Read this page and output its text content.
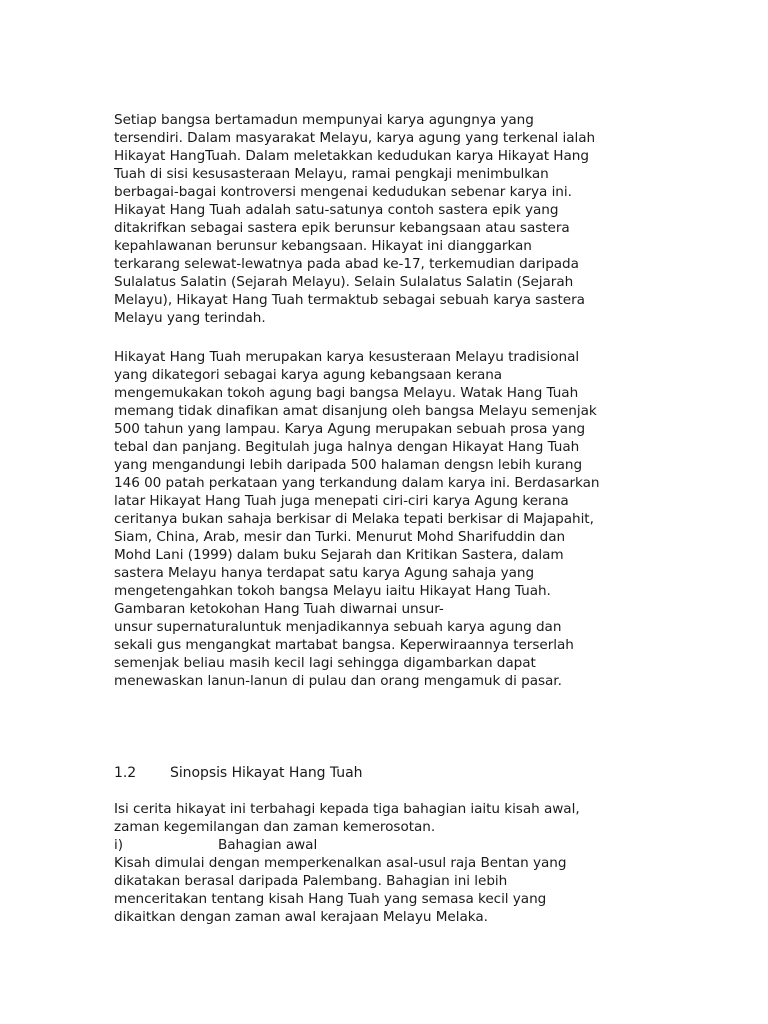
Setiap bangsa bertamadun mempunyai karya agungnya yang
tersendiri. Dalam masyarakat Melayu, karya agung yang terkenal ialah
Hikayat HangTuah. Dalam meletakkan kedudukan karya Hikayat Hang
Tuah di sisi kesusasteraan Melayu, ramai pengkaji menimbulkan
berbagai-bagai kontroversi mengenai kedudukan sebenar karya ini.
Hikayat Hang Tuah adalah satu-satunya contoh sastera epik yang
ditakrifkan sebagai sastera epik berunsur kebangsaan atau sastera
kepahlawanan berunsur kebangsaan. Hikayat ini dianggarkan
terkarang selewat-lewatnya pada abad ke-17, terkemudian daripada
Sulalatus Salatin (Sejarah Melayu). Selain Sulalatus Salatin (Sejarah
Melayu), Hikayat Hang Tuah termaktub sebagai sebuah karya sastera
Melayu yang terindah.
Hikayat Hang Tuah merupakan karya kesusteraan Melayu tradisional
yang dikategori sebagai karya agung kebangsaan kerana
mengemukakan tokoh agung bagi bangsa Melayu. Watak Hang Tuah
memang tidak dinafikan amat disanjung oleh bangsa Melayu semenjak
500 tahun yang lampau. Karya Agung merupakan sebuah prosa yang
tebal dan panjang. Begitulah juga halnya dengan Hikayat Hang Tuah
yang mengandungi lebih daripada 500 halaman dengsn lebih kurang
146 00 patah perkataan yang terkandung dalam karya ini. Berdasarkan
latar Hikayat Hang Tuah juga menepati ciri-ciri karya Agung kerana
ceritanya bukan sahaja berkisar di Melaka tepati berkisar di Majapahit,
Siam, China, Arab, mesir dan Turki. Menurut Mohd Sharifuddin dan
Mohd Lani (1999) dalam buku Sejarah dan Kritikan Sastera, dalam
sastera Melayu hanya terdapat satu karya Agung sahaja yang
mengetengahkan tokoh bangsa Melayu iaitu Hikayat Hang Tuah.
Gambaran ketokohan Hang Tuah diwarnai unsur-
unsur supernaturaluntuk menjadikannya sebuah karya agung dan
sekali gus mengangkat martabat bangsa. Keperwiraannya terserlah
semenjak beliau masih kecil lagi sehingga digambarkan dapat
menewaskan lanun-lanun di pulau dan orang mengamuk di pasar.
1.2 Sinopsis Hikayat Hang Tuah
Isi cerita hikayat ini terbahagi kepada tiga bahagian iaitu kisah awal,
zaman kegemilangan dan zaman kemerosotan.
i)	Bahagian awal
Kisah dimulai dengan memperkenalkan asal-usul raja Bentan yang
dikatakan berasal daripada Palembang. Bahagian ini lebih
menceritakan tentang kisah Hang Tuah yang semasa kecil yang
dikaitkan dengan zaman awal kerajaan Melayu Melaka.
